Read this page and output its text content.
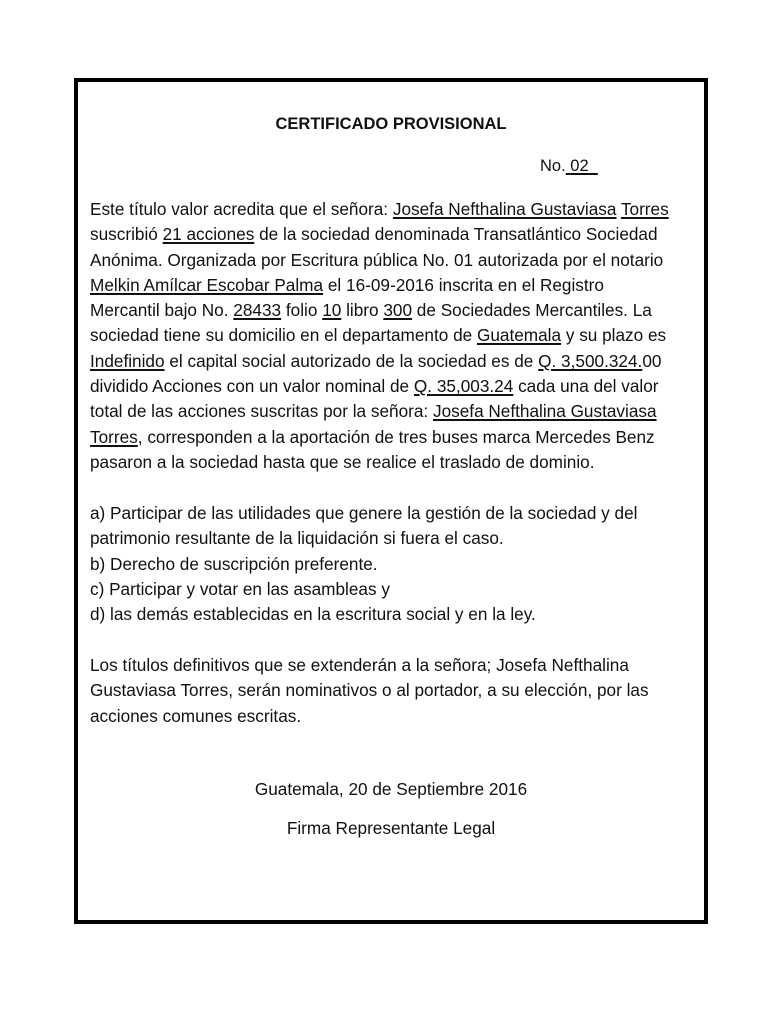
CERTIFICADO PROVISIONAL
No. 02
Este título valor acredita que el señora: Josefa Nefthalina Gustaviasa Torres
suscribió 21 acciones de la sociedad denominada Transatlántico Sociedad
Anónima. Organizada por Escritura pública No. 01 autorizada por el notario
Melkin Amílcar Escobar Palma el 16-09-2016 inscrita en el Registro
Mercantil bajo No. 28433 folio 10 libro 300 de Sociedades Mercantiles. La
sociedad tiene su domicilio en el departamento de Guatemala y su plazo es
Indefinido el capital social autorizado de la sociedad es de Q. 3,500.324.00
dividido Acciones con un valor nominal de Q. 35,003.24 cada una del valor
total de las acciones suscritas por la señora: Josefa Nefthalina Gustaviasa
Torres, corresponden a la aportación de tres buses marca Mercedes Benz
pasaron a la sociedad hasta que se realice el traslado de dominio.
a) Participar de las utilidades que genere la gestión de la sociedad y del
patrimonio resultante de la liquidación si fuera el caso.
b) Derecho de suscripción preferente.
c) Participar y votar en las asambleas y
d) las demás establecidas en la escritura social y en la ley.
Los títulos definitivos que se extenderán a la señora; Josefa Nefthalina
Gustaviasa Torres, serán nominativos o al portador, a su elección, por las
acciones comunes escritas.
Guatemala, 20 de Septiembre 2016
Firma Representante Legal
